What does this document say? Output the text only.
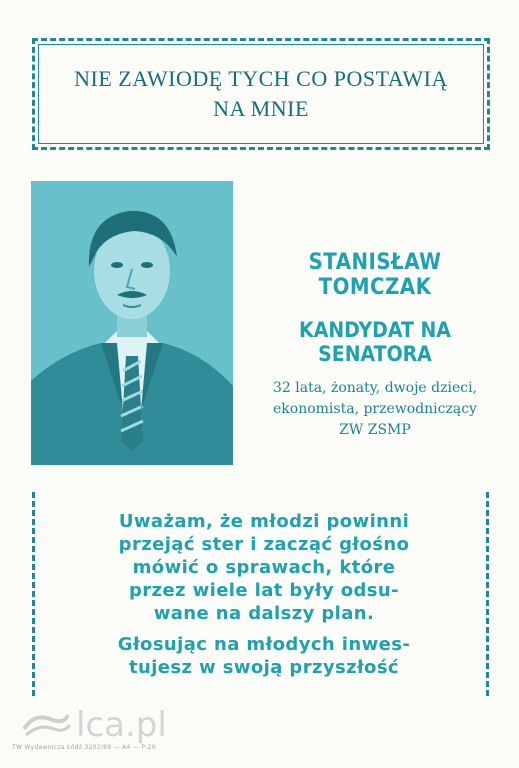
NIE ZAWIODĘ TYCH CO POSTAWIĄ
NA MNIE
STANISŁAW TOMCZAK
KANDYDAT NA SENATORA
32 lata, żonaty, dwoje dzieci,
ekonomista, przewodniczący
ZW ZSMP

Uważam, że młodzi powinni
przejąć ster i zacząć głośno
mówić o sprawach, które
przez wiele lat były odsu-
wane na dalszy plan.

Głosując na młodych inwes-
tujesz w swoją przyszłość

lca.pl
TW Wydawnicza Łódź 3202/89 — A4 — P-20
